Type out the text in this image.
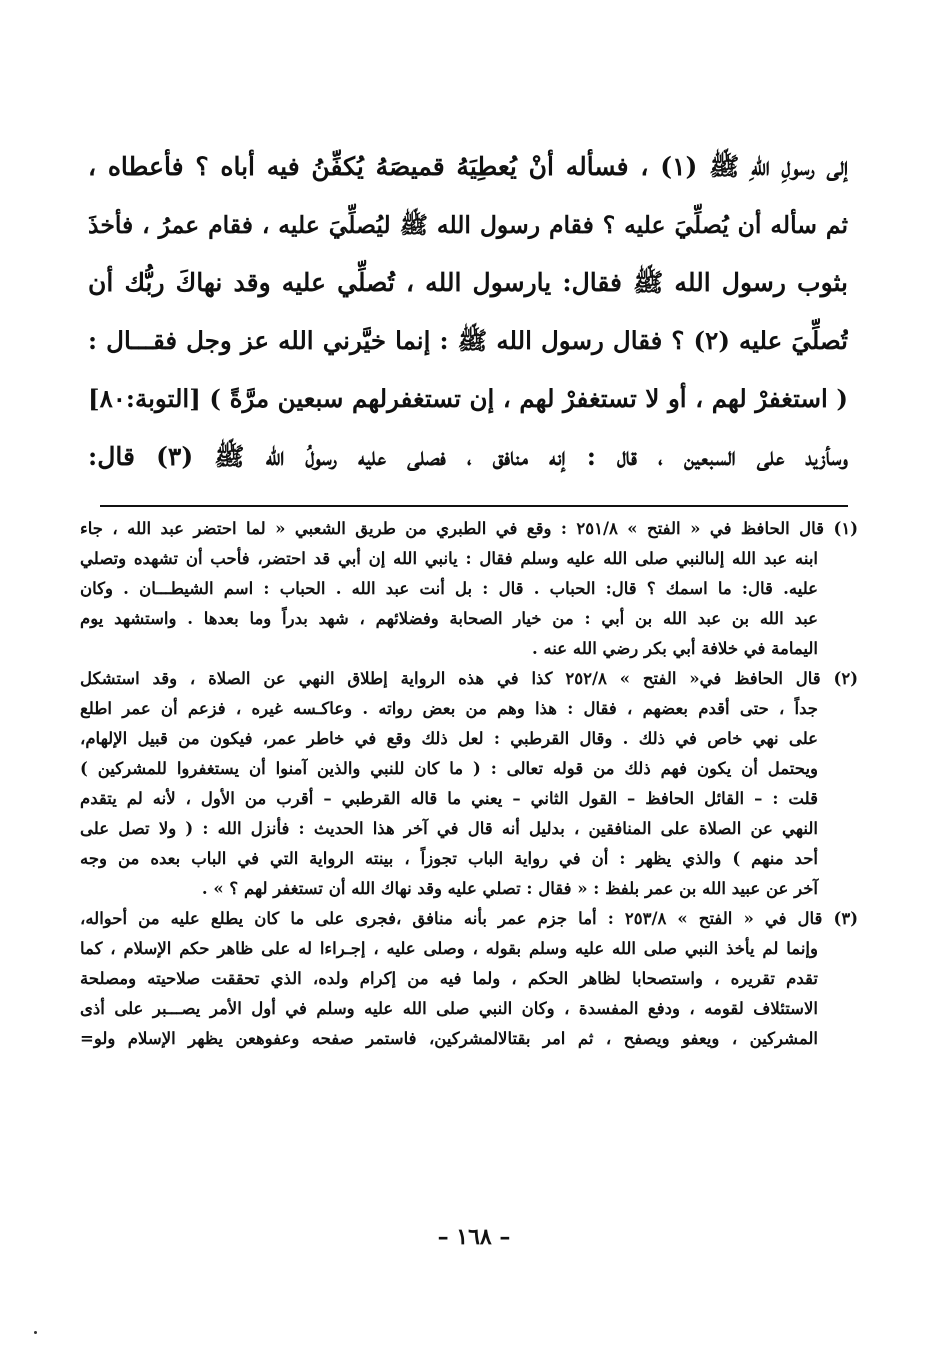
إلى رسولِ اللهِ ﷺ (١) ، فسأله أنْ يُعطِيَهُ قميصَهُ يُكفِّنُ فيه أباه ؟ فأعطاه ،
ثم سأله أن يُصلِّيَ عليه ؟ فقام رسول الله ﷺ ليُصلِّيَ عليه ، فقام عمرُ ، فأخذَ
بثوب رسول الله ﷺ فقال: يارسول الله ، تُصلِّي عليه وقد نهاكَ ربُّك أن
تُصلِّيَ عليه (٢) ؟ فقال رسول الله ﷺ : إنما خيَّرني الله عز وجل فقـــال :
( استغفرْ لهم ، أو لا تستغفرْ لهم ، إن تستغفرلهم سبعين مرَّةً ) [التوبة:٨٠]
وسأزيد على السبعين ، قال : إنه منافق ، فصلى عليه رسولُ الله ﷺ (٣) قال:
(١) قال الحافظ في « الفتح » ٢٥١/٨ : وقع في الطبري من طريق الشعبي « لما احتضر عبد الله ، جاء
ابنه عبد الله إلىالنبي صلى الله عليه وسلم فقال : يانبي الله إن أبي قد احتضر، فأحب أن تشهده وتصلي
عليه. قال: ما اسمك ؟ قال: الحباب . قال : بل أنت عبد الله . الحباب : اسم الشيطـــان . وكان
عبد الله بن عبد الله بن أبي : من خيار الصحابة وفضلائهم ، شهد بدراً وما بعدها . واستشهد يوم
اليمامة في خلافة أبي بكر رضي الله عنه .
(٢) قال الحافظ في« الفتح » ٢٥٢/٨ كذا في هذه الرواية إطلاق النهي عن الصلاة ، وقد استشكل
جداً ، حتى أقدم بعضهم ، فقال : هذا وهم من بعض رواته . وعاكـسه غيره ، فزعم أن عمر اطلع
على نهي خاص في ذلك . وقال القرطبي : لعل ذلك وقع في خاطر عمر، فيكون من قبيل الإلهام،
ويحتمل أن يكون فهم ذلك من قوله تعالى : ( ما كان للنبي والذين آمنوا أن يستغفروا للمشركين )
قلت : – القائل الحافظ – القول الثاني – يعني ما قاله القرطبي – أقرب من الأول ، لأنه لم يتقدم
النهي عن الصلاة على المنافقين ، بدليل أنه قال في آخر هذا الحديث : فأنزل الله : ( ولا تصل على
أحد منهم ) والذي يظهر : أن في رواية الباب تجوزاً ، بينته الرواية التي في الباب بعده من وجه
آخر عن عبيد الله بن عمر بلفظ : « فقال : تصلي عليه وقد نهاك الله أن تستغفر لهم ؟ » .
(٣) قال في « الفتح » ٢٥٣/٨ : أما جزم عمر بأنه منافق ،فجرى على ما كان يطلع عليه من أحواله،
وإنما لم يأخذ النبي صلى الله عليه وسلم بقوله ، وصلى عليه ، إجـراءا له على ظاهر حكم الإسلام ، كما
تقدم تقريره ، واستصحابا لظاهر الحكم ، ولما فيه من إكرام ولده، الذي تحققت صلاحيته ومصلحة
الاستئلاف لقومه ، ودفع المفسدة ، وكان النبي صلى الله عليه وسلم في أول الأمر يصـــبر على أذى
المشركين ، ويعفو ويصفح ، ثم امر بقتالالمشركين، فاستمر صفحه وعفوهعن يظهر الإسلام ولو=
– ١٦٨ –
